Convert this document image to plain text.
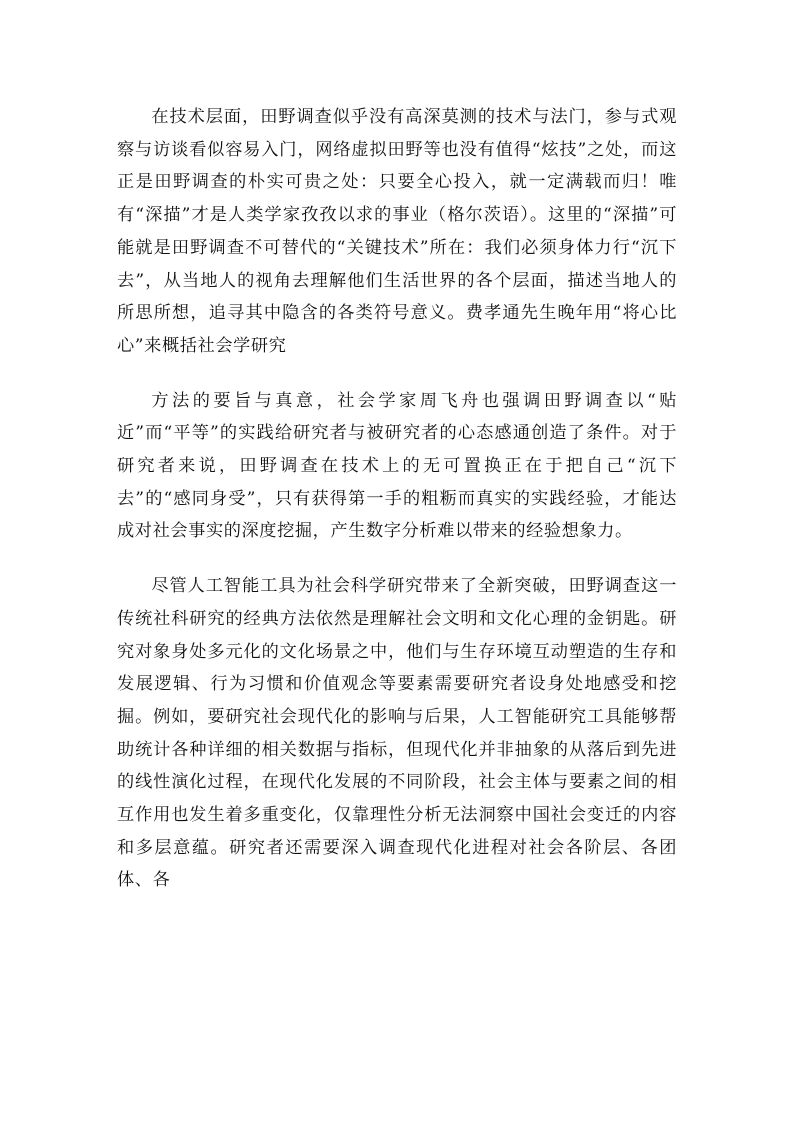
在技术层面，田野调查似乎没有高深莫测的技术与法门，参与式观察与访谈看似容易入门，网络虚拟田野等也没有值得“炫技”之处，而这正是田野调查的朴实可贵之处：只要全心投入，就一定满载而归！唯有“深描”才是人类学家孜孜以求的事业（格尔茨语）。这里的“深描”可能就是田野调查不可替代的“关键技术”所在：我们必须身体力行“沉下去”，从当地人的视角去理解他们生活世界的各个层面，描述当地人的所思所想，追寻其中隐含的各类符号意义。费孝通先生晚年用“将心比心”来概括社会学研究

方法的要旨与真意，社会学家周飞舟也强调田野调查以“贴近”而“平等”的实践给研究者与被研究者的心态感通创造了条件。对于研究者来说，田野调查在技术上的无可置换正在于把自己“沉下去”的“感同身受”，只有获得第一手的粗粝而真实的实践经验，才能达成对社会事实的深度挖掘，产生数字分析难以带来的经验想象力。

尽管人工智能工具为社会科学研究带来了全新突破，田野调查这一传统社科研究的经典方法依然是理解社会文明和文化心理的金钥匙。研究对象身处多元化的文化场景之中，他们与生存环境互动塑造的生存和发展逻辑、行为习惯和价值观念等要素需要研究者设身处地感受和挖掘。例如，要研究社会现代化的影响与后果，人工智能研究工具能够帮助统计各种详细的相关数据与指标，但现代化并非抽象的从落后到先进的线性演化过程，在现代化发展的不同阶段，社会主体与要素之间的相互作用也发生着多重变化，仅靠理性分析无法洞察中国社会变迁的内容和多层意蕴。研究者还需要深入调查现代化进程对社会各阶层、各团体、各
